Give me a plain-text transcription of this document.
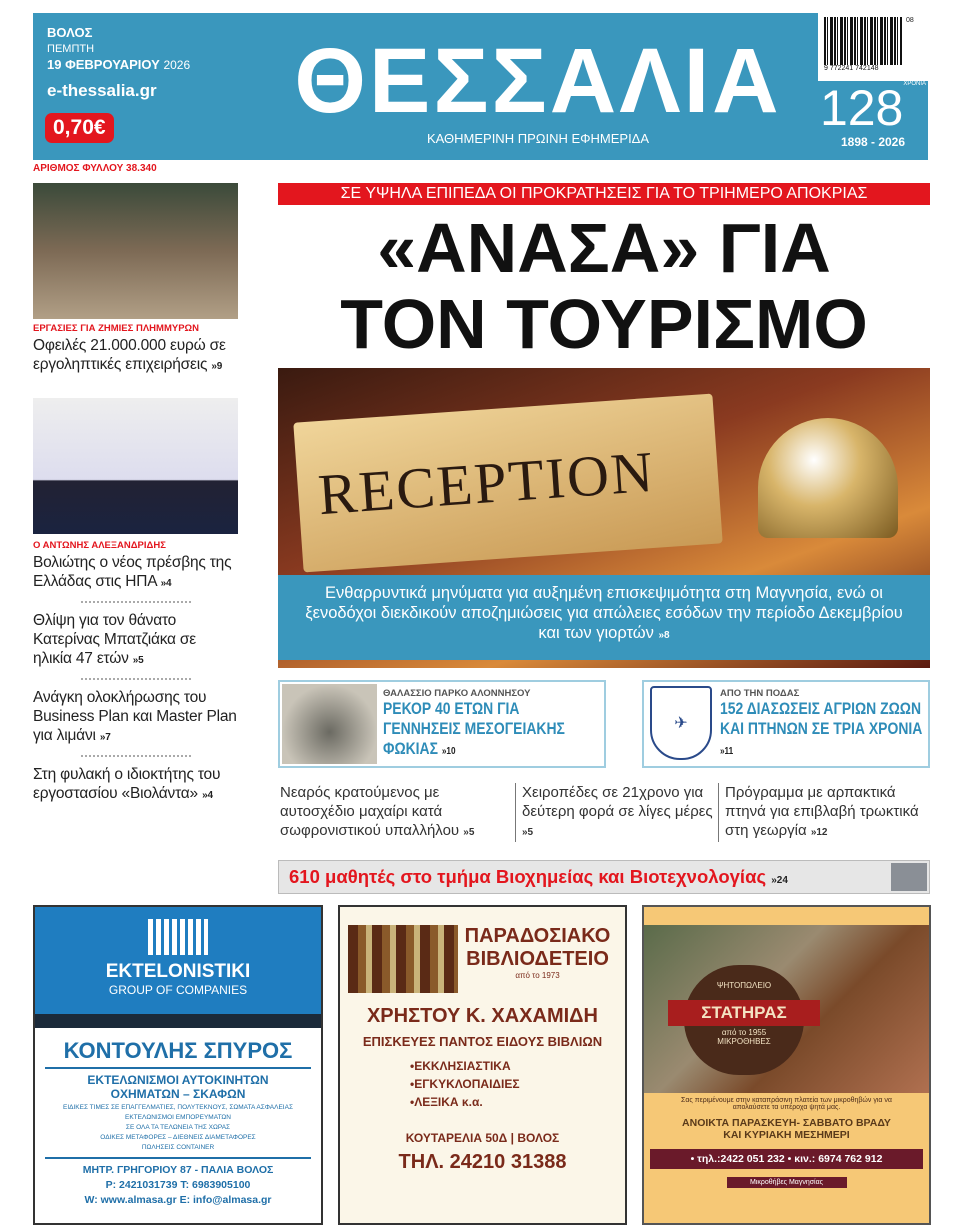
ΒΟΛΟΣ
ΠΕΜΠΤΗ
19 ΦΕΒΡΟΥΑΡΙΟΥ 2026
e-thessalia.gr
0,70€ ΘΕΣΣΑΛΙΑ
ΚΑΘΗΜΕΡΙΝΗ ΠΡΩΙΝΗ ΕΦΗΜΕΡΙΔΑ
08
9 772241 742148
$128^{XPONIA}$
1898 - 2026
ΑΡΙΘΜΟΣ ΦΥΛΛΟΥ 38.340
ΕΡΓΑΣΙΕΣ ΓΙΑ ΖΗΜΙΕΣ ΠΛΗΜΜΥΡΩΝ
Οφειλές 21.000.000 ευρώ σε εργοληπτικές επιχειρήσεις »9
Ο ΑΝΤΩΝΗΣ ΑΛΕΞΑΝΔΡΙΔΗΣ
Βολιώτης ο νέος πρέσβης της Ελλάδας στις ΗΠΑ »4
Θλίψη για τον θάνατο Κατερίνας Μπατζιάκα σε ηλικία 47 ετών »5
Ανάγκη ολοκλήρωσης του Business Plan και Master Plan για λιμάνι »7
Στη φυλακή ο ιδιοκτήτης του εργοστασίου «Βιολάντα» »4
ΣΕ ΥΨΗΛΑ ΕΠΙΠΕΔΑ ΟΙ ΠΡΟΚΡΑΤΗΣΕΙΣ ΓΙΑ ΤΟ ΤΡΙΗΜΕΡΟ ΑΠΟΚΡΙΑΣ
«ΑΝΑΣΑ» ΓΙΑ
ΤΟΝ ΤΟΥΡΙΣΜΟ
RECEPTION
Ενθαρρυντικά μηνύματα για αυξημένη επισκεψιμότητα στη Μαγνησία, ενώ οι ξενοδόχοι διεκδικούν αποζημιώσεις για απώλειες εσόδων την περίοδο Δεκεμβρίου και των γιορτών »8
ΘΑΛΑΣΣΙΟ ΠΑΡΚΟ ΑΛΟΝΝΗΣΟΥ
ΡΕΚΟΡ 40 ΕΤΩΝ ΓΙΑ ΓΕΝΝΗΣΕΙΣ ΜΕΣΟΓΕΙΑΚΗΣ ΦΩΚΙΑΣ »10
✈
ΑΠΟ ΤΗΝ ΠΟΔΑΣ
152 ΔΙΑΣΩΣΕΙΣ ΑΓΡΙΩΝ ΖΩΩΝ ΚΑΙ ΠΤΗΝΩΝ ΣΕ ΤΡΙΑ ΧΡΟΝΙΑ »11
Νεαρός κρατούμενος με αυτοσχέδιο μαχαίρι κατά σωφρονιστικού υπαλλήλου »5
Χειροπέδες σε 21χρονο για δεύτερη φορά σε λίγες μέρες »5
Πρόγραμμα με αρπακτικά πτηνά για επιβλαβή τρωκτικά στη γεωργία »12
610 μαθητές στο τμήμα Βιοχημείας και Βιοτεχνολογίας »24
EKTELONISTIKI
GROUP OF COMPANIES
ΚΟΝΤΟΥΛΗΣ ΣΠΥΡΟΣ
ΕΚΤΕΛΩΝΙΣΜΟΙ ΑΥΤΟΚΙΝΗΤΩΝ
ΟΧΗΜΑΤΩΝ – ΣΚΑΦΩΝ
ΕΙΔΙΚΕΣ ΤΙΜΕΣ ΣΕ ΕΠΑΓΓΕΛΜΑΤΙΕΣ, ΠΟΛΥΤΕΚΝΟΥΣ, ΣΩΜΑΤΑ ΑΣΦΑΛΕΙΑΣ
ΕΚΤΕΛΩΝΙΣΜΟΙ ΕΜΠΟΡΕΥΜΑΤΩΝ
ΣΕ ΟΛΑ ΤΑ ΤΕΛΩΝΕΙΑ ΤΗΣ ΧΩΡΑΣ
ΟΔΙΚΕΣ ΜΕΤΑΦΟΡΕΣ – ΔΙΕΘΝΕΙΣ ΔΙΑΜΕΤΑΦΟΡΕΣ
ΠΩΛΗΣΕΙΣ CONTAINER
ΜΗΤΡ. ΓΡΗΓΟΡΙΟΥ 87 - ΠΑΛΙΑ ΒΟΛΟΣ
P: 2421031739 T: 6983905100
W: www.almasa.gr E: info@almasa.gr
ΠΑΡΑΔΟΣΙΑΚΟ
ΒΙΒΛΙΟΔΕΤΕΙΟ
από το 1973
ΧΡΗΣΤΟΥ Κ. ΧΑΧΑΜΙΔΗ
ΕΠΙΣΚΕΥΕΣ ΠΑΝΤΟΣ ΕΙΔΟΥΣ ΒΙΒΛΙΩΝ
•ΕΚΚΛΗΣΙΑΣΤΙΚΑ
•ΕΓΚΥΚΛΟΠΑΙΔΙΕΣ
•ΛΕΞΙΚΑ κ.α.
ΚΟΥΤΑΡΕΛΙΑ 50Δ | ΒΟΛΟΣ
ΤΗΛ. 24210 31388
ΨΗΤΟΠΩΛΕΙΟ
ΣΤΑΤΗΡΑΣ
από το 1955
ΜΙΚΡΟΘΗΒΕΣ
Σας περιμένουμε στην καταπράσινη πλατεία των μικροθηβών για να απολαύσετε τα υπέροχα ψητά μας.
ΑΝΟΙΚΤΑ ΠΑΡΑΣΚΕΥΗ- ΣΑΒΒΑΤΟ ΒΡΑΔΥ
ΚΑΙ ΚΥΡΙΑΚΗ ΜΕΣΗΜΕΡΙ
• τηλ.:2422 051 232 • κιν.: 6974 762 912
Μικροθήβες Μαγνησίας
